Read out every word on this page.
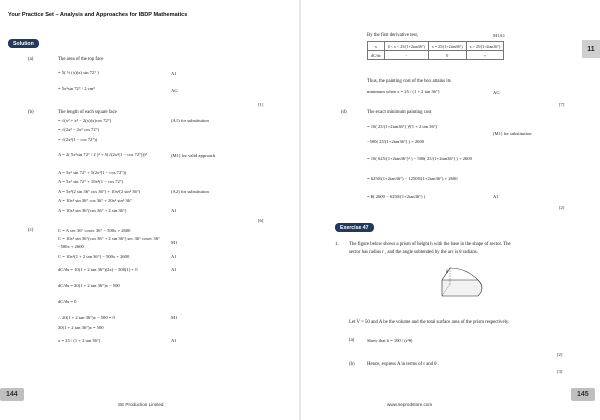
Your Practice Set – Analysis and Approaches for IBDP Mathematics
Solution
(a)	The area of the top face
= 5( ½ (x)(x) sin 72° )	A1
= 5x²sin 72° / 2 cm²	AG
[1]
(b)	The length of each square face
= √(x² + x² − 2(x)(x)cos 72°)	(A1) for substitution
= √(2x² − 2x² cos 72°)
= √(2x²(1 − cos 72°))
A = 2( 5x²sin 72° / 2 )² + 5(√(2x²(1 − cos 72°)))²	(M1) for valid approach
A = 5x² sin 72° + 5(2x²(1 − cos 72°))
A = 5x² sin 72° + 10x²(1 − cos 72°)
A = 5x²(2 sin 36° cos 36°) + 10x²(2 sin² 36°)	(A2) for substitution
A = 10x² sin 36° cos 36° + 20x² sin² 36°
A = 10x² sin 36°(cos 36° + 2 sin 36°)	A1
[6]
(c)	C = A sec 36° cosec 36° − 500x + 2600
C = 10x² sin 36°(cos 36° + 2 sin 36°) sec 36° cosec 36°
M1
−500x + 2600
C = 10x²(1 + 2 tan 36°) − 500x + 2600	A1
dC/dx = 10(1 + 2 tan 36°)(2x) − 500(1) + 0	A1
dC/dx = 20(1 + 2 tan 36°)x − 500
dC/dx = 0
∴ 20(1 + 2 tan 36°)x − 500 = 0	M1
20(1 + 2 tan 36°)x = 500
x = 25 / (1 + 2 tan 36°)	A1
144
SE Production Limited
11
By the first derivative test,	M1A1
x	0 < x < 25/(1+2tan36°)	x = 25/(1+2tan36°)	x > 25/(1+2tan36°)
dC/dx	−	0	+
Thus, the painting cost of the box attains its
minimum when x = 25 / (1 + 2 tan 36°)	AG
[7]
(d)	The exact minimum painting cost
= 10( 25/(1+2tan36°) )²(1 + 2 tan 36°)
(M1) for substitution
−500( 25/(1+2tan36°) ) + 2600
= 10( 625/(1+2tan36°)² ) − 500( 25/(1+2tan36°) ) + 2600
= 6250/(1+2tan36°) − 12500/(1+2tan36°) + 2600
= $( 2600 − 6250/(1+2tan36°) )	A1
[2]
Exercise 47
1. The figure below shows a prism of height h with the base in the shape of sector. The
sector has radius r , and the angle subtended by the arc is θ radians.
θ
Let V = 50 and A be the volume and the total surface area of the prism respectively.
(a)	Show that h = 100 / (r²θ)
[2]
(b)	Hence, express A in terms of r and θ .
[3]
145
www.seprodstore.com
